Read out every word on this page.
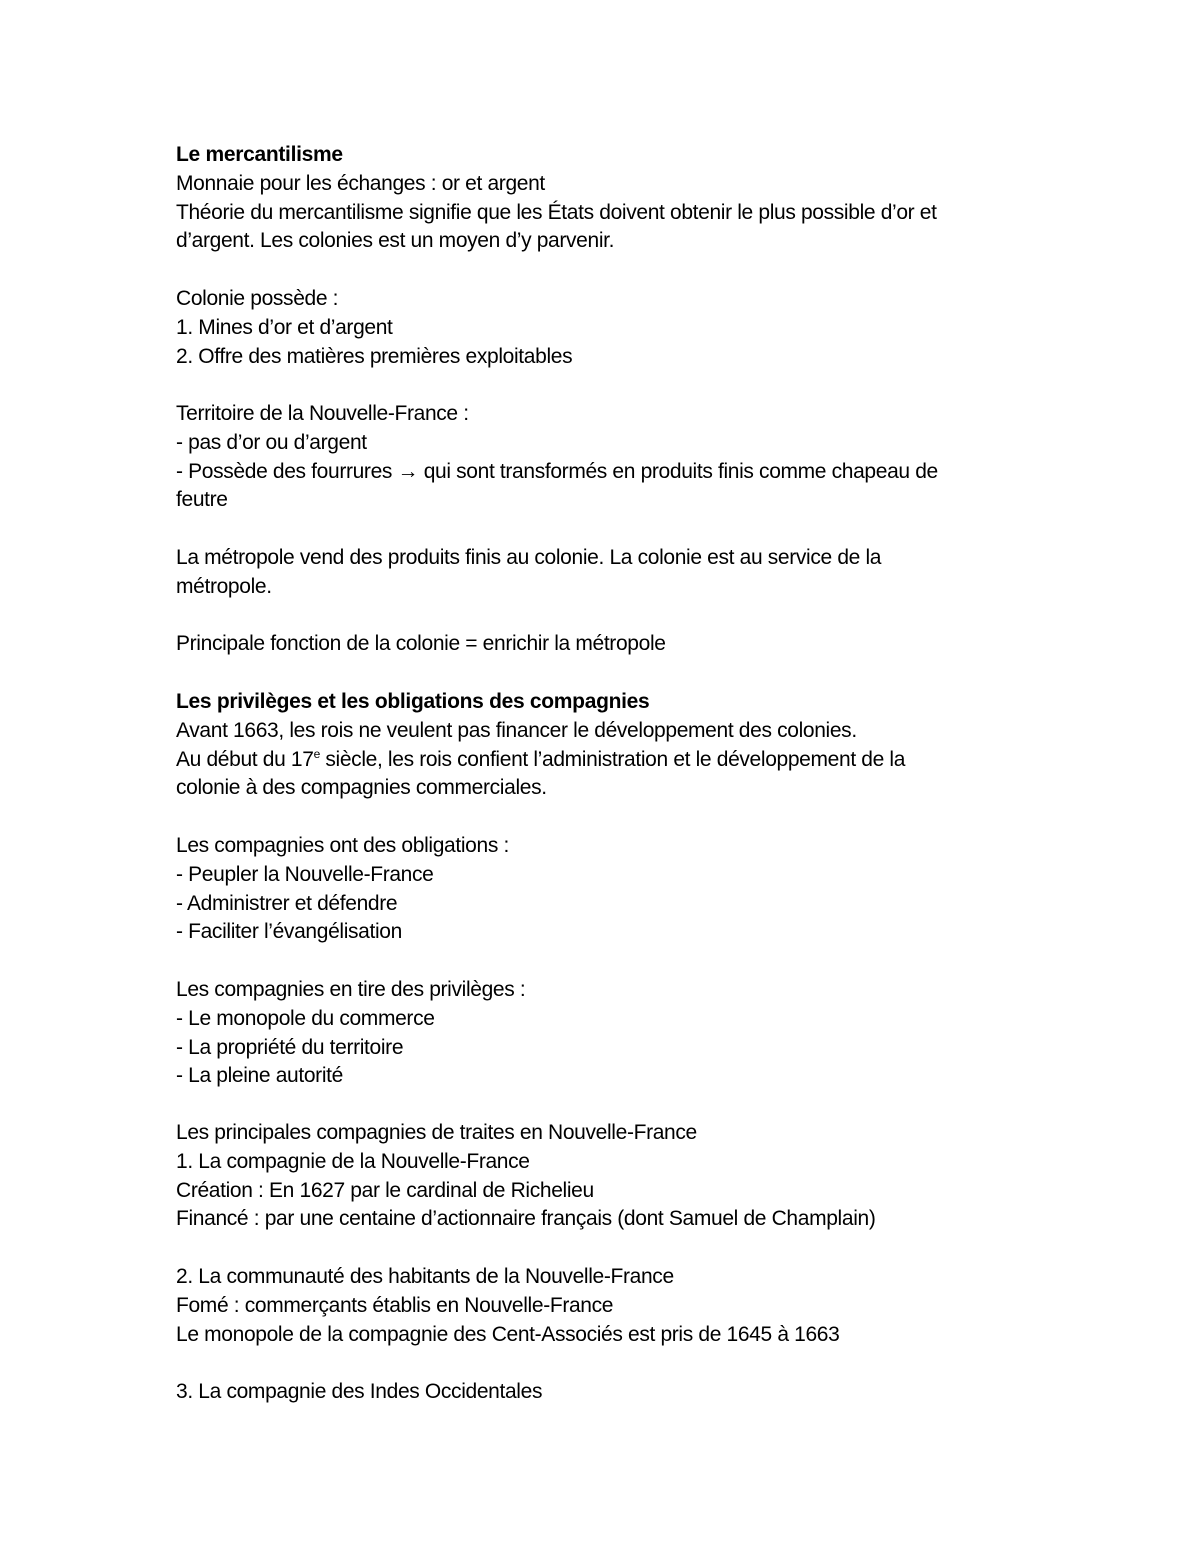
Le mercantilisme
Monnaie pour les échanges : or et argent
Théorie du mercantilisme signifie que les États doivent obtenir le plus possible d’or et
d’argent. Les colonies est un moyen d’y parvenir.
Colonie possède :
1. Mines d’or et d’argent
2. Offre des matières premières exploitables
Territoire de la Nouvelle-France :
- pas d’or ou d’argent
- Possède des fourrures → qui sont transformés en produits finis comme chapeau de
feutre
La métropole vend des produits finis au colonie. La colonie est au service de la
métropole.
Principale fonction de la colonie = enrichir la métropole
Les privilèges et les obligations des compagnies
Avant 1663, les rois ne veulent pas financer le développement des colonies.
Au début du 17e siècle, les rois confient l’administration et le développement de la
colonie à des compagnies commerciales.
Les compagnies ont des obligations :
- Peupler la Nouvelle-France
- Administrer et défendre
- Faciliter l’évangélisation
Les compagnies en tire des privilèges :
- Le monopole du commerce
- La propriété du territoire
- La pleine autorité
Les principales compagnies de traites en Nouvelle-France
1. La compagnie de la Nouvelle-France
Création : En 1627 par le cardinal de Richelieu
Financé : par une centaine d’actionnaire français (dont Samuel de Champlain)
2. La communauté des habitants de la Nouvelle-France
Fomé : commerçants établis en Nouvelle-France
Le monopole de la compagnie des Cent-Associés est pris de 1645 à 1663
3. La compagnie des Indes Occidentales
